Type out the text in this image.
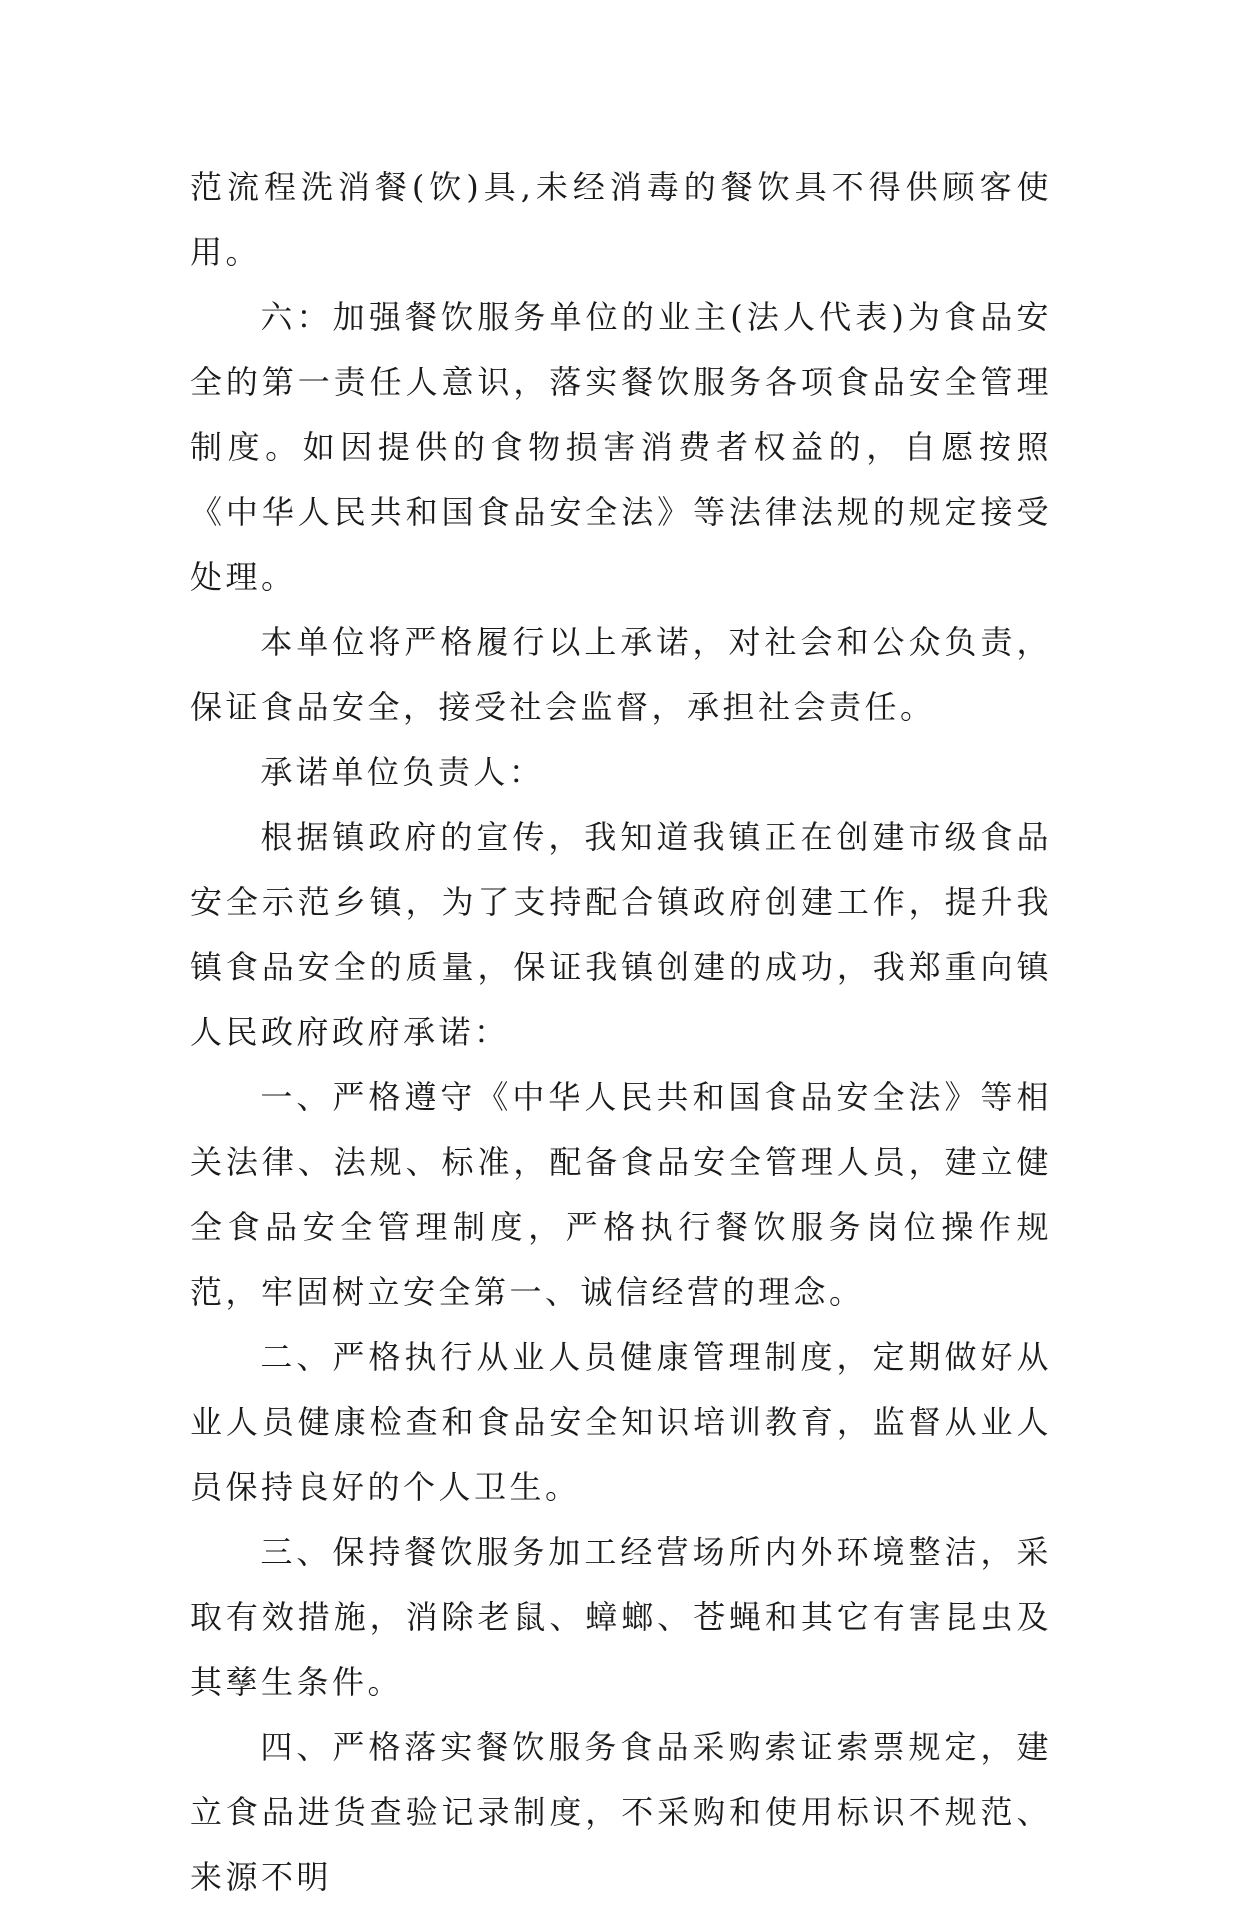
范流程洗消餐(饮)具,未经消毒的餐饮具不得供顾客使用。

六：加强餐饮服务单位的业主(法人代表)为食品安全的第一责任人意识，落实餐饮服务各项食品安全管理制度。如因提供的食物损害消费者权益的，自愿按照《中华人民共和国食品安全法》等法律法规的规定接受处理。

本单位将严格履行以上承诺，对社会和公众负责，保证食品安全，接受社会监督，承担社会责任。

承诺单位负责人：

根据镇政府的宣传，我知道我镇正在创建市级食品安全示范乡镇，为了支持配合镇政府创建工作，提升我镇食品安全的质量，保证我镇创建的成功，我郑重向镇人民政府政府承诺：

一、严格遵守《中华人民共和国食品安全法》等相关法律、法规、标准，配备食品安全管理人员，建立健全食品安全管理制度，严格执行餐饮服务岗位操作规范，牢固树立安全第一、诚信经营的理念。

二、严格执行从业人员健康管理制度，定期做好从业人员健康检查和食品安全知识培训教育，监督从业人员保持良好的个人卫生。

三、保持餐饮服务加工经营场所内外环境整洁，采取有效措施，消除老鼠、蟑螂、苍蝇和其它有害昆虫及其孳生条件。

四、严格落实餐饮服务食品采购索证索票规定，建立食品进货查验记录制度，不采购和使用标识不规范、来源不明
